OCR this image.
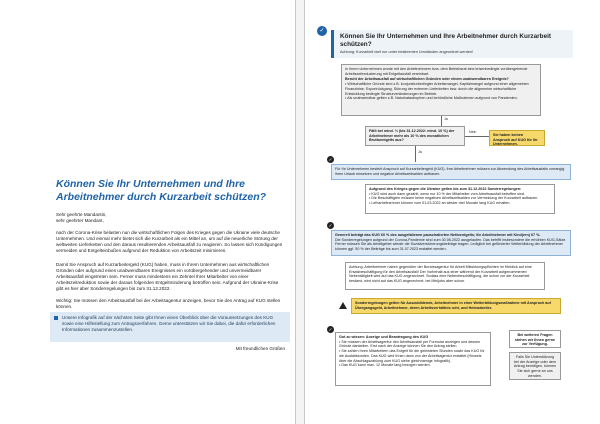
Können Sie Ihr Unternehmen und Ihre Arbeitnehmer durch Kurzarbeit schützen?
Sehr geehrte Mandantin,
sehr geehrter Mandant,
nach der Corona-Krise belasten nun die wirtschaftlichen Folgen des Krieges gegen die Ukraine viele deutsche Unternehmen. Und einmal mehr bietet sich die Kurzarbeit als ein Mittel an, um auf die neuerliche Störung der weltweiten Lieferketten und den daraus resultierenden Arbeitsausfall zu reagieren. So lassen sich Kündigungen vermeiden und Entgelteinbußen aufgrund der Reduktion von Arbeitszeit minimieren.
Damit Sie Anspruch auf Kurzarbeitergeld (KUG) haben, muss in Ihrem Unternehmen aus wirtschaftlichen Gründen oder aufgrund eines unabwendbaren Ereignisses ein vorübergehender und unvermeidbarer Arbeitsausfall eingetreten sein. Ferner muss mindestens ein Zehntel Ihrer Mitarbeiter von einer Arbeitszeitreduktion sowie der daraus folgenden Entgeltminderung betroffen sein. Aufgrund der Ukraine-Krise gibt es hier aber Sonderregelungen bis zum 31.12.2022.
Wichtig: Sie müssen den Arbeitsausfall bei der Arbeitsagentur anzeigen, bevor Sie den Antrag auf KUG stellen können.
Unsere Infografik auf der nächsten Seite gibt Ihnen einen Überblick über die Voraussetzungen des KUG sowie eine Hilfestellung zum Antragsverfahren. Gerne unterstützen wir Sie dabei, die dafür erforderlichen Informationen zusammenzustellen.
Mit freundlichen Grüßen
✓
Können Sie Ihr Unternehmen und Ihre Arbeitnehmer durch Kurzarbeit schützen?
Achtung: Kurzarbeit darf nur unter bestimmten Umständen angeordnet werden!
In Ihrem Unternehmen wurde mit den Arbeitnehmern bzw. dem Betriebsrat eine krisenbedingte vorübergehende Arbeitszeitreduzierung mit Entgeltausfall vereinbart.
Beruht der Arbeitsausfall auf wirtschaftlichen Gründen oder einem unabwendbaren Ereignis?
• Wirtschaftliche Gründe sind z.B. konjunkturbedingter Arbeitsmangel, Kapitalmangel aufgrund einer allgemeinen Finanzkrise, Exportrückgang, Störung der externen Lieferketten bzw. durch die allgemeine wirtschaftliche Entwicklung bedingte Strukturveränderungen im Betrieb.
• Als unabwendbar gelten z.B. Naturkatastrophen und behördliche Maßnahmen aufgrund von Pandemien.
Ja
Fällt bei mind. ⅓ (bis 31.12.2022: mind. 10 %) der Arbeitnehmer mehr als 10 % des monatlichen Bruttoentgelts aus?
Nein
Sie haben keinen Anspruch auf KUG für Ihr Unternehmen.
Ja
✓
Für Ihr Unternehmen besteht Anspruch auf Kurzarbeitergeld (KUG). Ihre Arbeitnehmer müssen zur Abwendung des Arbeitsausfalls vorrangig ihren Urlaub einsetzen und negative Arbeitszeitsalden aufbauen.
Aufgrund des Krieges gegen die Ukraine gelten bis zum 31.12.2022 Sonderregelungen:
• KUG wird auch dann gezahlt, wenn nur 10 % der Mitarbeiter vom Arbeitsausfall betroffen sind.
• Die Beschäftigten müssen keine negativen Arbeitszeitsalden zur Vermeidung der Kurzarbeit aufbauen.
• Leiharbeitnehmer können vom 01.03.2022 an wieder drei Monate lang KUG erhalten.
✓
Generell beträgt das KUG 60 % des ausgefallenen pauschalierten Nettoentgelts; für Arbeitnehmer mit Kind(ern) 67 %.
Die Sonderregelungen aufgrund der Corona-Pandemie sind zum 30.06.2022 ausgelaufen. Das betrifft insbesondere die erhöhten KUG-Sätze. Ferner müssen Sie als Arbeitgeber wieder die Sozialversicherungsbeiträge tragen. Lediglich bei geförderter Weiterbildung der Arbeitnehmer können ggf. 50 % der Beiträge bis zum 31.07.2023 erstattet werden.
Achtung: Arbeitnehmer haben gegenüber der Bundesagentur für Arbeit Mitwirkungspflichten im Hinblick auf eine Ersatzbeschäftigung für den Arbeitsausfall! Der Vorbehalt aus einer während der Kurzarbeit aufgenommenen Nebentätigkeit wird auf das KUG angerechnet. Sodass eine Nebenbeschäftigung, die schon vor der Kurzarbeit bestand, wird nicht auf das KUG angerechnet, bei Minijobs aber schon.
Sonderregelungen gelten für Auszubildende, Arbeitnehmer in einer Weiterbildungsmaßnahme mit Anspruch auf Übergangsgeld, Arbeitnehmer, deren Arbeitsverhältnis ruht, und Heimarbeiter.
✓
Gut zu wissen: Anzeige und Beantragung des KUG
• Sie müssen der Arbeitsagentur den Arbeitsausfall per Formular anzeigen und dessen Gründe darstellen. Erst nach der Anzeige können Sie den Antrag stellen.
• Sie zahlen Ihren Mitarbeitern das Entgelt für die geleisteten Stunden sowie das KUG für die Ausfallstunden. Das KUG wird Ihnen dann von der Arbeitsagentur erstattet (Hinweis über die Abschlagszahlung zum KUG siehe gleichnamige Infografik).
• Das KUG kann max. 12 Monate lang bezogen werden.
Bei weiteren Fragen stehen wir Ihnen gerne zur Verfügung.
Falls Sie Unterstützung bei der Anzeige oder dem Antrag benötigen, können Sie sich gerne an uns wenden.
